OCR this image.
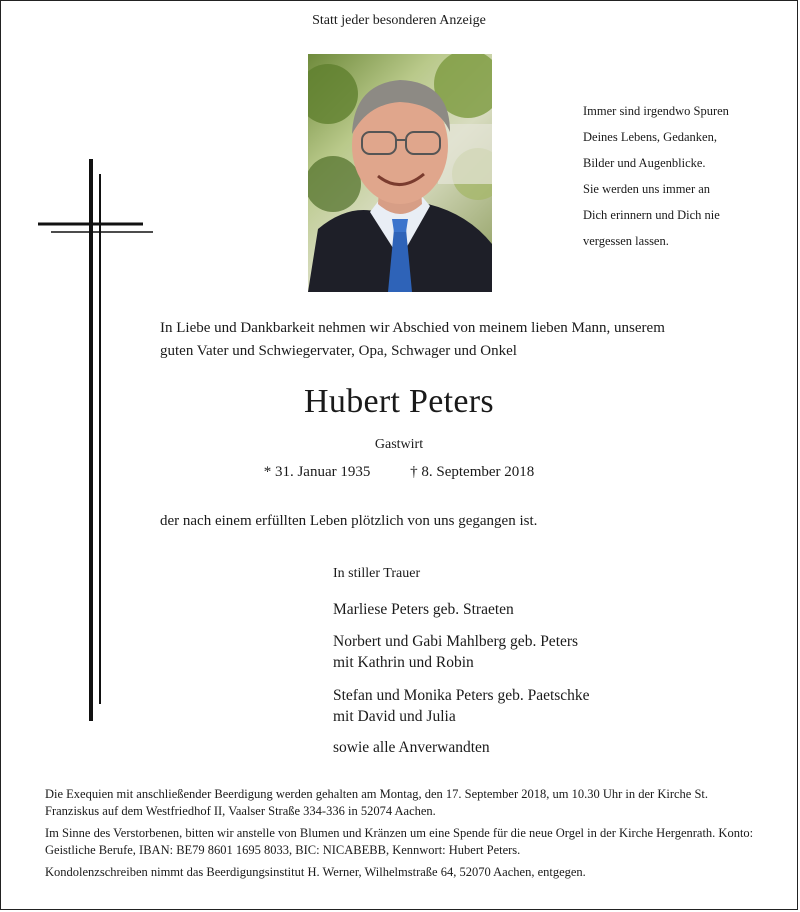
Statt jeder besonderen Anzeige
Immer sind irgendwo Spuren
Deines Lebens, Gedanken,
Bilder und Augenblicke.
Sie werden uns immer an
Dich erinnern und Dich nie
vergessen lassen.
In Liebe und Dankbarkeit nehmen wir Abschied von meinem lieben Mann, unserem
guten Vater und Schwiegervater, Opa, Schwager und Onkel
Hubert Peters
Gastwirt
* 31. Januar 1935	† 8. September 2018
der nach einem erfüllten Leben plötzlich von uns gegangen ist.
In stiller Trauer
Marliese Peters geb. Straeten
Norbert und Gabi Mahlberg geb. Peters
mit Kathrin und Robin
Stefan und Monika Peters geb. Paetschke
mit David und Julia
sowie alle Anverwandten

Die Exequien mit anschließender Beerdigung werden gehalten am Montag, den 17. September 2018, um 10.30 Uhr in der Kirche St. Franziskus auf dem Westfriedhof II, Vaalser Straße 334-336 in 52074 Aachen.

Im Sinne des Verstorbenen, bitten wir anstelle von Blumen und Kränzen um eine Spende für die neue Orgel in der Kirche Hergenrath. Konto: Geistliche Berufe, IBAN: BE79 8601 1695 8033, BIC: NICABEBB, Kennwort: Hubert Peters.

Kondolenzschreiben nimmt das Beerdigungsinstitut H. Werner, Wilhelmstraße 64, 52070 Aachen, entgegen.
